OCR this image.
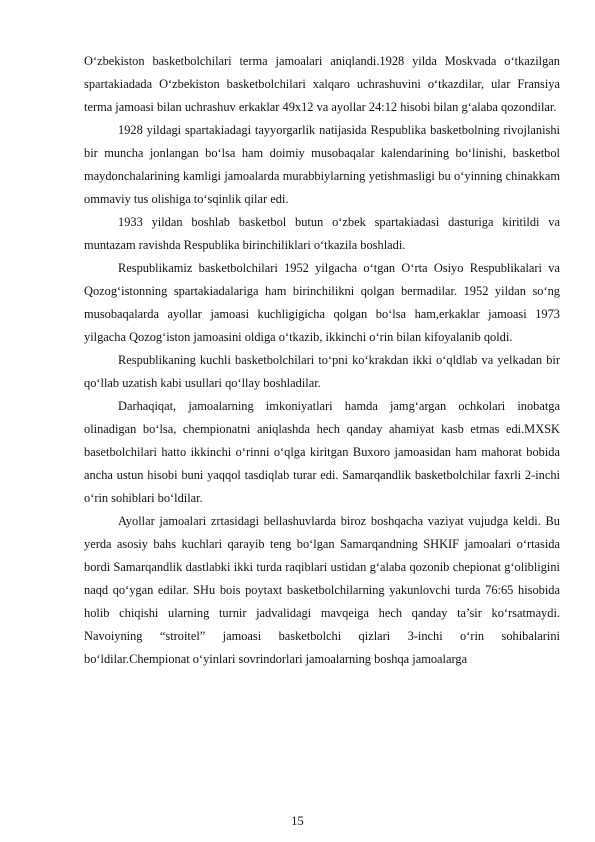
O‘zbekiston basketbolchilari terma jamoalari aniqlandi.1928 yilda Moskvada o‘tkazilgan spartakiadada O‘zbekiston basketbolchilari xalqaro uchrashuvini o‘tkazdilar, ular Fransiya terma jamoasi bilan uchrashuv erkaklar 49x12 va ayollar 24:12 hisobi bilan g‘alaba qozondilar.

1928 yildagi spartakiadagi tayyorgarlik natijasida Respublika basketbolning rivojlanishi bir muncha jonlangan bo‘lsa ham doimiy musobaqalar kalendarining bo‘linishi, basketbol maydonchalarining kamligi jamoalarda murabbiylarning yetishmasligi bu o‘yinning chinakkam ommaviy tus olishiga to‘sqinlik qilar edi.

1933 yildan boshlab basketbol butun o‘zbek spartakiadasi dasturiga kiritildi va muntazam ravishda Respublika birinchiliklari o‘tkazila boshladi.

Respublikamiz basketbolchilari 1952 yilgacha o‘tgan O‘rta Osiyo Respublikalari va Qozog‘istonning spartakiadalariga ham birinchilikni qolgan bermadilar. 1952 yildan so‘ng musobaqalarda ayollar jamoasi kuchligigicha qolgan bo‘lsa ham,erkaklar jamoasi 1973 yilgacha Qozog‘iston jamoasini oldiga o‘tkazib, ikkinchi o‘rin bilan kifoyalanib qoldi.

Respublikaning kuchli basketbolchilari to‘pni ko‘krakdan ikki o‘qldlab va yelkadan bir qo‘llab uzatish kabi usullari qo‘llay boshladilar.

Darhaqiqat, jamoalarning imkoniyatlari hamda jamg‘argan ochkolari inobatga olinadigan bo‘lsa, chempionatni aniqlashda hech qanday ahamiyat kasb etmas edi.MXSK basetbolchilari hatto ikkinchi o‘rinni o‘qlga kiritgan Buxoro jamoasidan ham mahorat bobida ancha ustun hisobi buni yaqqol tasdiqlab turar edi. Samarqandlik basketbolchilar faxrli 2-inchi o‘rin sohiblari bo‘ldilar.

Ayollar jamoalari zrtasidagi bellashuvlarda biroz boshqacha vaziyat vujudga keldi. Bu yerda asosiy bahs kuchlari qarayib teng bo‘lgan Samarqandning SHKIF jamoalari o‘rtasida bordi Samarqandlik dastlabki ikki turda raqiblari ustidan g‘alaba qozonib chepionat g‘olibligini naqd qo‘ygan edilar. SHu bois poytaxt basketbolchilarning yakunlovchi turda 76:65 hisobida holib chiqishi ularning turnir jadvalidagi mavqeiga hech qanday ta’sir ko‘rsatmaydi. Navoiyning “stroitel” jamoasi basketbolchi qizlari 3-inchi o‘rin sohibalarini bo‘ldilar.Chempionat o‘yinlari sovrindorlari jamoalarning boshqa jamoalarga

15
